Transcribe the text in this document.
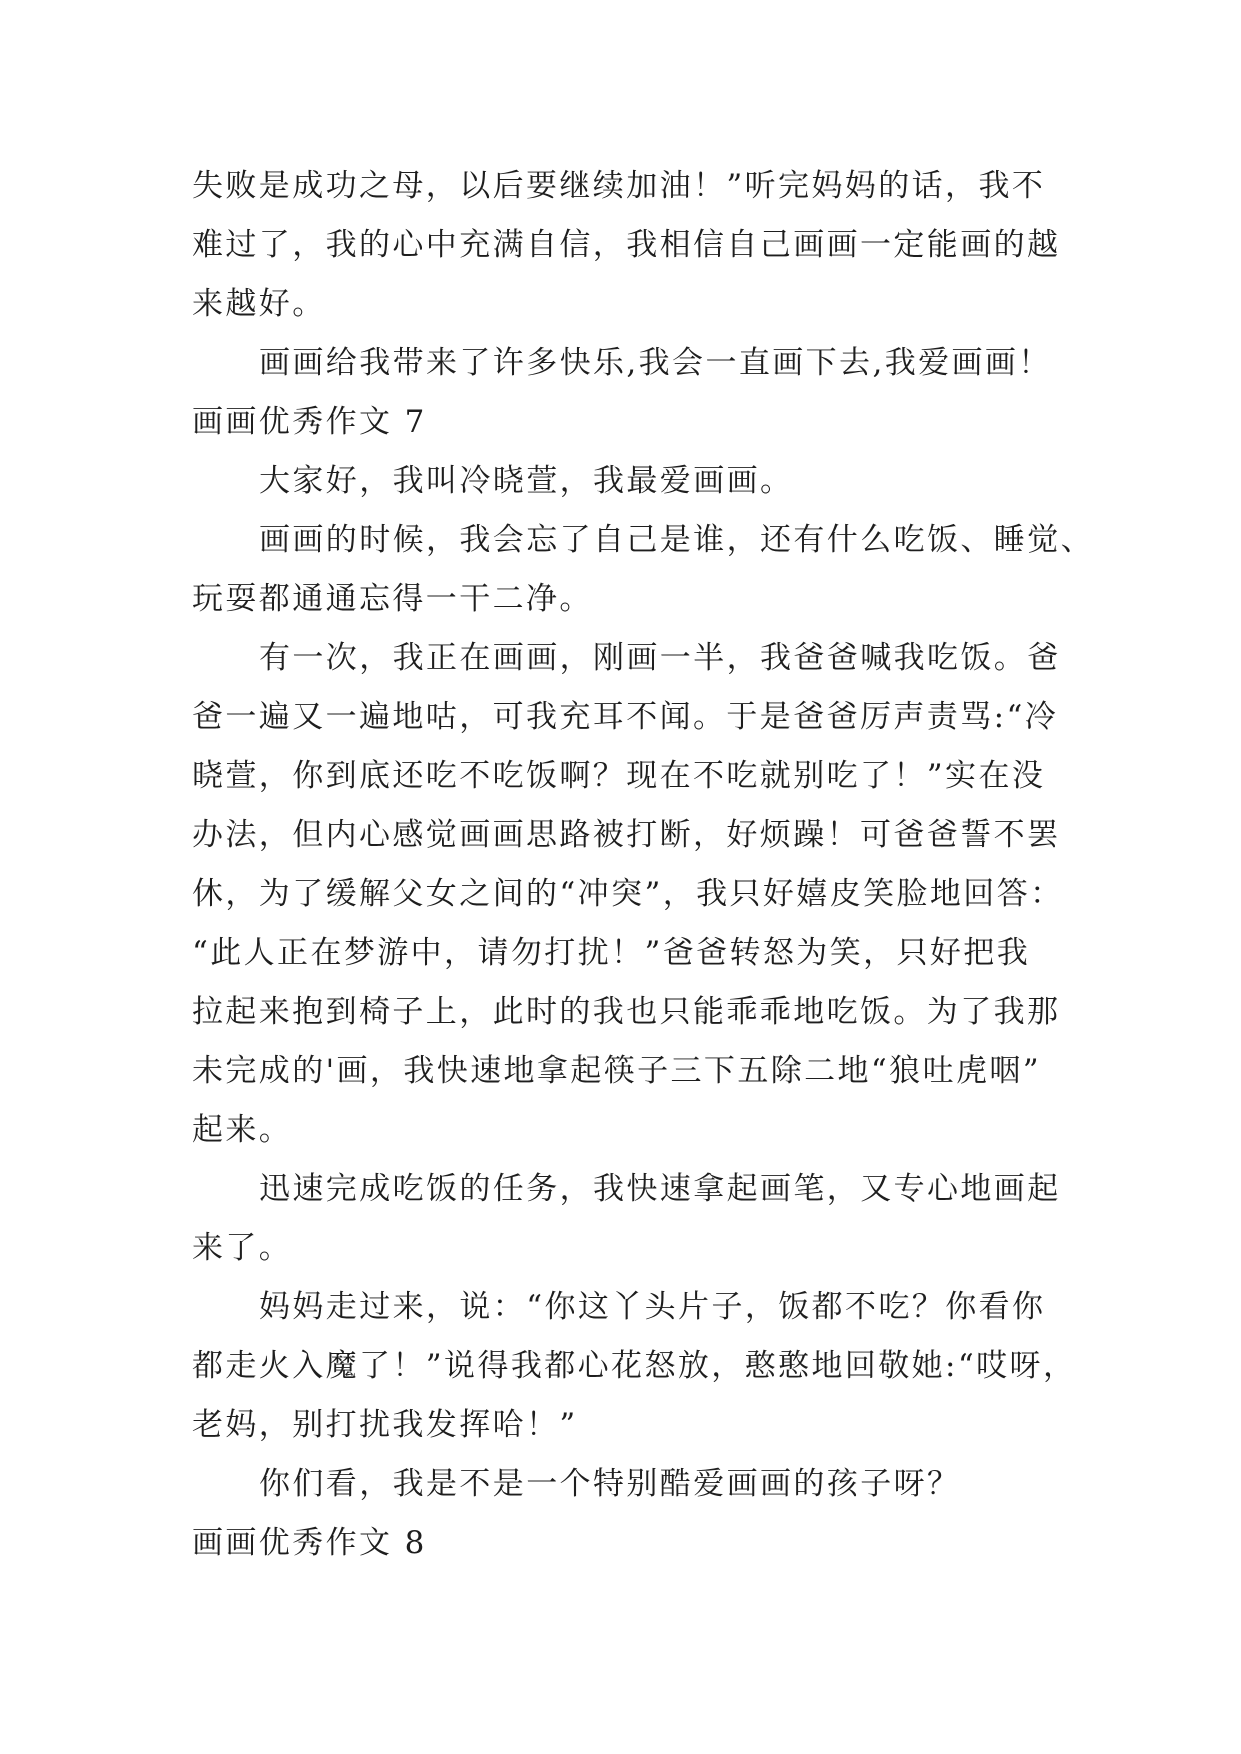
失败是成功之母，以后要继续加油！”听完妈妈的话，我不
难过了，我的心中充满自信，我相信自己画画一定能画的越
来越好。
画画给我带来了许多快乐,我会一直画下去,我爱画画！
画画优秀作文 7
大家好，我叫冷晓萱，我最爱画画。
画画的时候，我会忘了自己是谁，还有什么吃饭、睡觉、
玩耍都通通忘得一干二净。
有一次，我正在画画，刚画一半，我爸爸喊我吃饭。爸
爸一遍又一遍地咕，可我充耳不闻。于是爸爸厉声责骂:“冷
晓萱，你到底还吃不吃饭啊？现在不吃就别吃了！”实在没
办法，但内心感觉画画思路被打断，好烦躁！可爸爸誓不罢
休，为了缓解父女之间的“冲突”，我只好嬉皮笑脸地回答：
“此人正在梦游中，请勿打扰！”爸爸转怒为笑，只好把我
拉起来抱到椅子上，此时的我也只能乖乖地吃饭。为了我那
未完成的'画，我快速地拿起筷子三下五除二地“狼吐虎咽”
起来。
迅速完成吃饭的任务，我快速拿起画笔，又专心地画起
来了。
妈妈走过来，说：“你这丫头片子，饭都不吃？你看你
都走火入魔了！”说得我都心花怒放，憨憨地回敬她:“哎呀，
老妈，别打扰我发挥哈！”
你们看，我是不是一个特别酷爱画画的孩子呀？
画画优秀作文 8
